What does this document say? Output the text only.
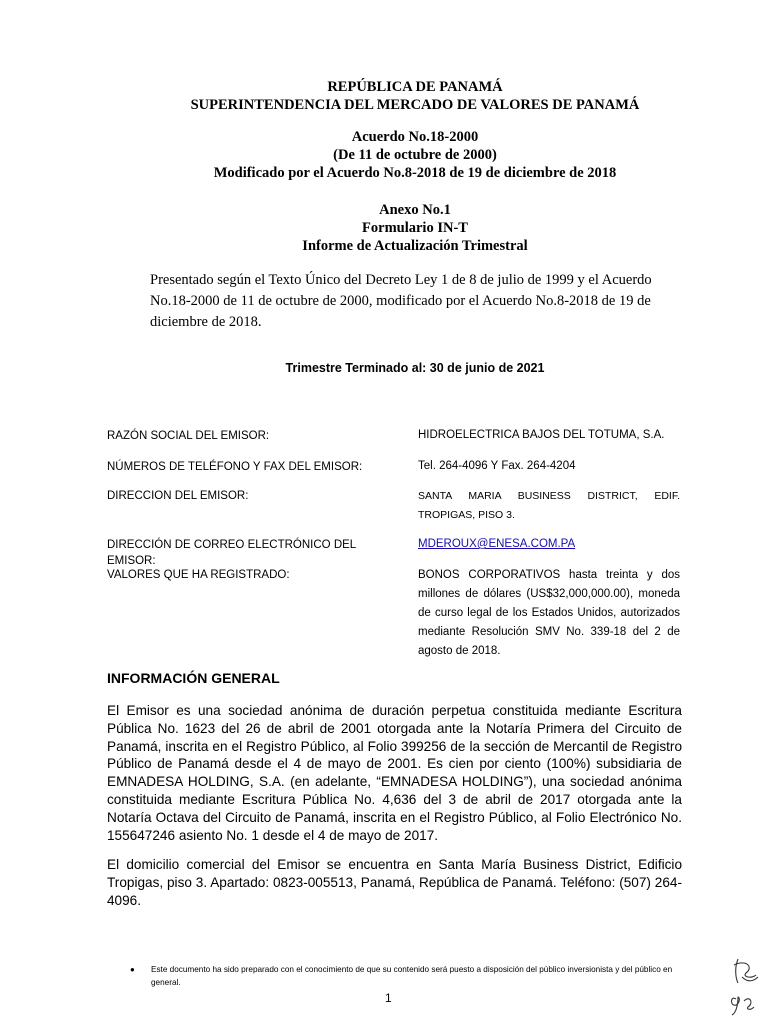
REPÚBLICA DE PANAMÁ
SUPERINTENDENCIA DEL MERCADO DE VALORES DE PANAMÁ
Acuerdo No.18-2000
(De 11 de octubre de 2000)
Modificado por el Acuerdo No.8-2018 de 19 de diciembre de 2018
Anexo No.1
Formulario IN-T
Informe de Actualización Trimestral
Presentado según el Texto Único del Decreto Ley 1 de 8 de julio de 1999 y el Acuerdo No.18-2000 de 11 de octubre de 2000, modificado por el Acuerdo No.8-2018 de 19 de diciembre de 2018.
Trimestre Terminado al: 30 de junio de 2021
RAZÓN SOCIAL DEL EMISOR:	HIDROELECTRICA BAJOS DEL TOTUMA, S.A.
NÚMEROS DE TELÉFONO Y FAX DEL EMISOR:	Tel. 264-4096 Y Fax. 264-4204
DIRECCION DEL EMISOR:	SANTA MARIA BUSINESS DISTRICT, EDIF. TROPIGAS, PISO 3.
DIRECCIÓN DE CORREO ELECTRÓNICO DEL EMISOR:
MDEROUX@ENESA.COM.PA
VALORES QUE HA REGISTRADO:	BONOS CORPORATIVOS hasta treinta y dos millones de dólares (US$32,000,000.00), moneda de curso legal de los Estados Unidos, autorizados mediante Resolución SMV No. 339-18 del 2 de agosto de 2018.
INFORMACIÓN GENERAL
El Emisor es una sociedad anónima de duración perpetua constituida mediante Escritura Pública No. 1623 del 26 de abril de 2001 otorgada ante la Notaría Primera del Circuito de Panamá, inscrita en el Registro Público, al Folio 399256 de la sección de Mercantil de Registro Público de Panamá desde el 4 de mayo de 2001. Es cien por ciento (100%) subsidiaria de EMNADESA HOLDING, S.A. (en adelante, “EMNADESA HOLDING”), una sociedad anónima constituida mediante Escritura Pública No. 4,636 del 3 de abril de 2017 otorgada ante la Notaría Octava del Circuito de Panamá, inscrita en el Registro Público, al Folio Electrónico No. 155647246 asiento No. 1 desde el 4 de mayo de 2017.
El domicilio comercial del Emisor se encuentra en Santa María Business District, Edificio Tropigas, piso 3. Apartado: 0823-005513, Panamá, República de Panamá. Teléfono: (507) 264-4096.
● Este documento ha sido preparado con el conocimiento de que su contenido será puesto a disposición del público inversionista y del público en general.
1
